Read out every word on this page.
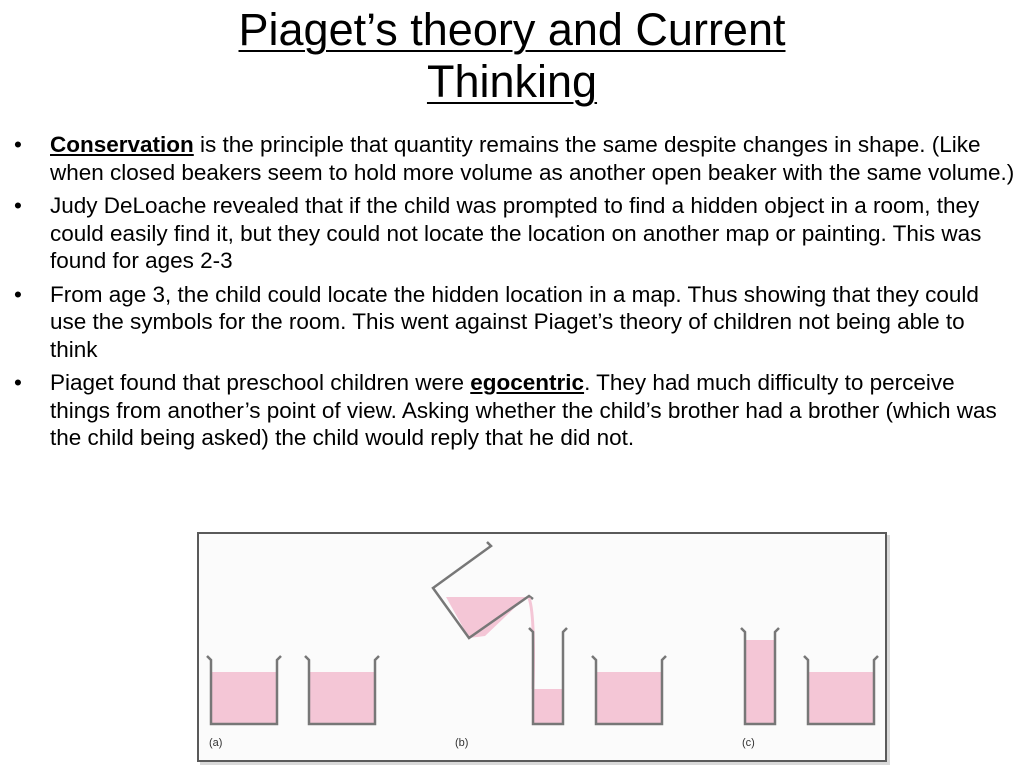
Piaget’s theory and Current
Thinking
• Conservation is the principle that quantity remains the same despite changes in shape. (Like when closed beakers seem to hold more volume as another open beaker with the same volume.)
• Judy DeLoache revealed that if the child was prompted to find a hidden object in a room, they could easily find it, but they could not locate the location on another map or painting. This was found for ages 2-3
• From age 3, the child could locate the hidden location in a map. Thus showing that they could use the symbols for the room. This went against Piaget’s theory of children not being able to think
• Piaget found that preschool children were egocentric. They had much difficulty to perceive things from another’s point of view. Asking whether the child’s brother had a brother (which was the child being asked) the child would reply that he did not.
(a)	(b)	(c)
